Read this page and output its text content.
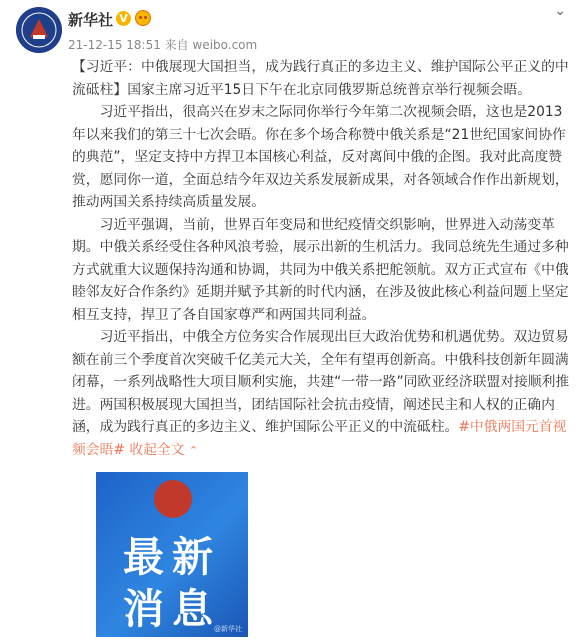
新华社 V	⌄
21-12-15 18:51 来自 weibo.com

【习近平：中俄展现大国担当，成为践行真正的多边主义、维护国际公平正义的中流砥柱】国家主席习近平15日下午在北京同俄罗斯总统普京举行视频会晤。

习近平指出，很高兴在岁末之际同你举行今年第二次视频会晤，这也是2013年以来我们的第三十七次会晤。你在多个场合称赞中俄关系是“21世纪国家间协作的典范”，坚定支持中方捍卫本国核心利益，反对离间中俄的企图。我对此高度赞赏，愿同你一道，全面总结今年双边关系发展新成果，对各领域合作作出新规划，推动两国关系持续高质量发展。

习近平强调，当前，世界百年变局和世纪疫情交织影响，世界进入动荡变革期。中俄关系经受住各种风浪考验，展示出新的生机活力。我同总统先生通过多种方式就重大议题保持沟通和协调，共同为中俄关系把舵领航。双方正式宣布《中俄睦邻友好合作条约》延期并赋予其新的时代内涵，在涉及彼此核心利益问题上坚定相互支持，捍卫了各自国家尊严和两国共同利益。

习近平指出，中俄全方位务实合作展现出巨大政治优势和机遇优势。双边贸易额在前三个季度首次突破千亿美元大关，全年有望再创新高。中俄科技创新年圆满闭幕，一系列战略性大项目顺利实施，共建“一带一路”同欧亚经济联盟对接顺利推进。两国积极展现大国担当，团结国际社会抗击疫情，阐述民主和人权的正确内涵，成为践行真正的多边主义、维护国际公平正义的中流砥柱。#中俄两国元首视频会晤# 收起全文 ⌃

最新
消息
@新华社
